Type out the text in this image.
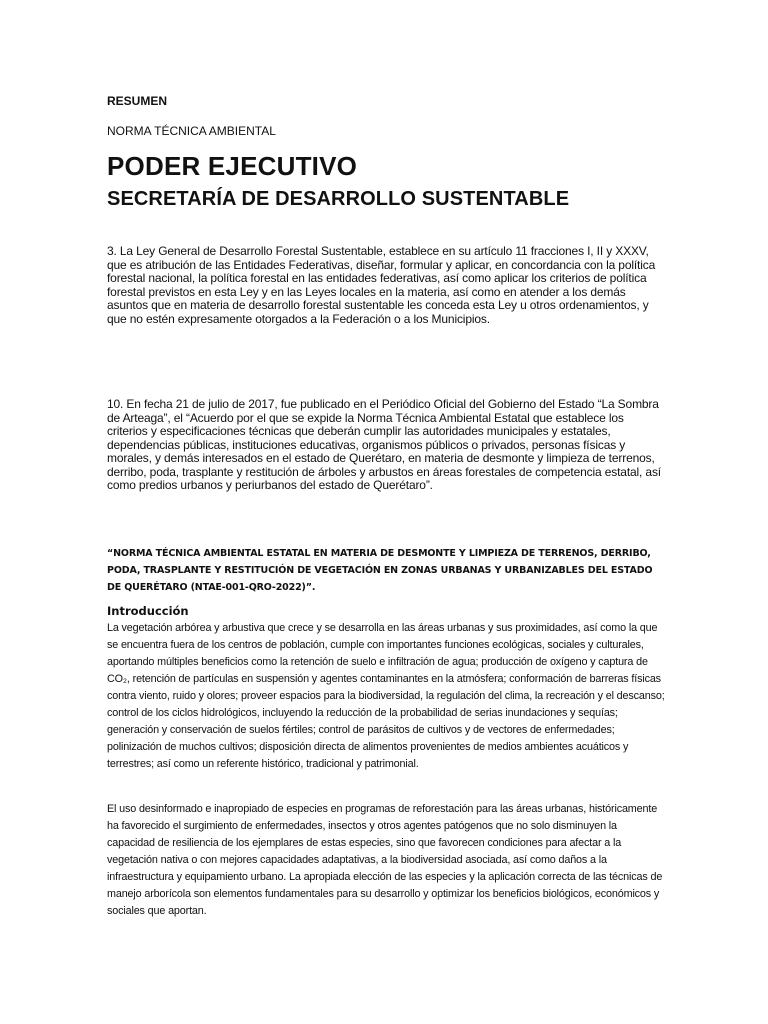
RESUMEN
NORMA TÉCNICA AMBIENTAL
PODER EJECUTIVO
SECRETARÍA DE DESARROLLO SUSTENTABLE

3. La Ley General de Desarrollo Forestal Sustentable, establece en su artículo 11 fracciones I, II y XXXV, que es atribución de las Entidades Federativas, diseñar, formular y aplicar, en concordancia con la política forestal nacional, la política forestal en las entidades federativas, así como aplicar los criterios de política forestal previstos en esta Ley y en las Leyes locales en la materia, así como en atender a los demás asuntos que en materia de desarrollo forestal sustentable les conceda esta Ley u otros ordenamientos, y que no estén expresamente otorgados a la Federación o a los Municipios.

10. En fecha 21 de julio de 2017, fue publicado en el Periódico Oficial del Gobierno del Estado “La Sombra de Arteaga”, el “Acuerdo por el que se expide la Norma Técnica Ambiental Estatal que establece los criterios y especificaciones técnicas que deberán cumplir las autoridades municipales y estatales, dependencias públicas, instituciones educativas, organismos públicos o privados, personas físicas y morales, y demás interesados en el estado de Querétaro, en materia de desmonte y limpieza de terrenos, derribo, poda, trasplante y restitución de árboles y arbustos en áreas forestales de competencia estatal, así como predios urbanos y periurbanos del estado de Querétaro”.

“NORMA TÉCNICA AMBIENTAL ESTATAL EN MATERIA DE DESMONTE Y LIMPIEZA DE TERRENOS, DERRIBO, PODA, TRASPLANTE Y RESTITUCIÓN DE VEGETACIÓN EN ZONAS URBANAS Y URBANIZABLES DEL ESTADO DE QUERÉTARO (NTAE-001-QRO-2022)”.

Introducción

La vegetación arbórea y arbustiva que crece y se desarrolla en las áreas urbanas y sus proximidades, así como la que se encuentra fuera de los centros de población, cumple con importantes funciones ecológicas, sociales y culturales, aportando múltiples beneficios como la retención de suelo e infiltración de agua; producción de oxígeno y captura de CO₂, retención de partículas en suspensión y agentes contaminantes en la atmósfera; conformación de barreras físicas contra viento, ruido y olores; proveer espacios para la biodiversidad, la regulación del clima, la recreación y el descanso; control de los ciclos hidrológicos, incluyendo la reducción de la probabilidad de serias inundaciones y sequías; generación y conservación de suelos fértiles; control de parásitos de cultivos y de vectores de enfermedades; polinización de muchos cultivos; disposición directa de alimentos provenientes de medios ambientes acuáticos y terrestres; así como un referente histórico, tradicional y patrimonial.

El uso desinformado e inapropiado de especies en programas de reforestación para las áreas urbanas, históricamente ha favorecido el surgimiento de enfermedades, insectos y otros agentes patógenos que no solo disminuyen la capacidad de resiliencia de los ejemplares de estas especies, sino que favorecen condiciones para afectar a la vegetación nativa o con mejores capacidades adaptativas, a la biodiversidad asociada, así como daños a la infraestructura y equipamiento urbano. La apropiada elección de las especies y la aplicación correcta de las técnicas de manejo arborícola son elementos fundamentales para su desarrollo y optimizar los beneficios biológicos, económicos y sociales que aportan.
